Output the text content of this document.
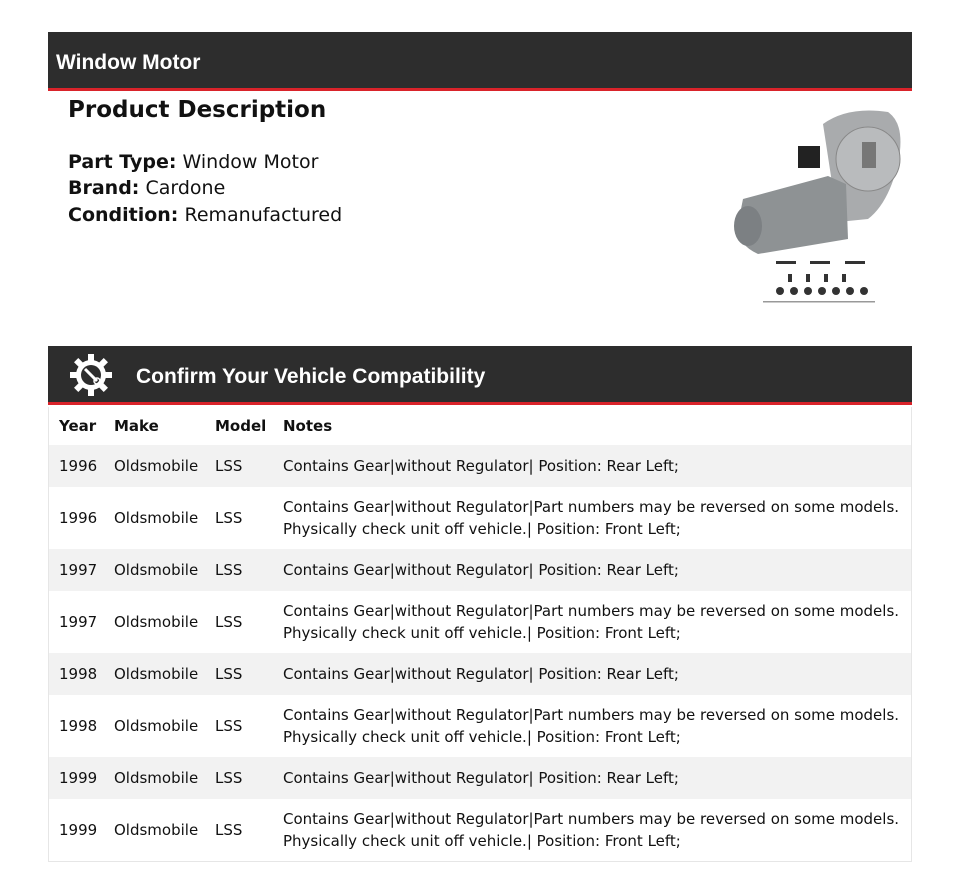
Window Motor
Product Description
Part Type: Window Motor
Brand: Cardone
Condition: Remanufactured
Confirm Your Vehicle Compatibility
Year	Make	Model	Notes
1996	Oldsmobile	LSS	Contains Gear|without Regulator| Position: Rear Left;
1996	Oldsmobile	LSS	Contains Gear|without Regulator|Part numbers may be reversed on some models. Physically check unit off vehicle.| Position: Front Left;
1997	Oldsmobile	LSS	Contains Gear|without Regulator| Position: Rear Left;
1997	Oldsmobile	LSS	Contains Gear|without Regulator|Part numbers may be reversed on some models. Physically check unit off vehicle.| Position: Front Left;
1998	Oldsmobile	LSS	Contains Gear|without Regulator| Position: Rear Left;
1998	Oldsmobile	LSS	Contains Gear|without Regulator|Part numbers may be reversed on some models. Physically check unit off vehicle.| Position: Front Left;
1999	Oldsmobile	LSS	Contains Gear|without Regulator| Position: Rear Left;
1999	Oldsmobile	LSS	Contains Gear|without Regulator|Part numbers may be reversed on some models. Physically check unit off vehicle.| Position: Front Left;
